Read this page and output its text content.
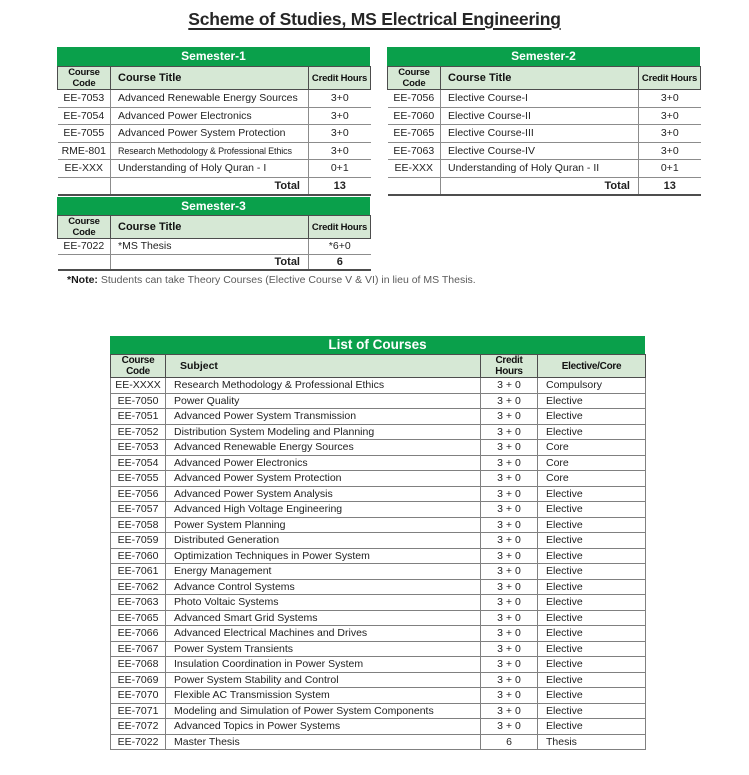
Scheme of Studies, MS Electrical Engineering
Semester-1
Course Code	Course Title	Credit Hours
EE-7053	Advanced Renewable Energy Sources	3+0
EE-7054	Advanced Power Electronics	3+0
EE-7055	Advanced Power System Protection	3+0
RME-801	Research Methodology & Professional Ethics	3+0
EE-XXX	Understanding of Holy Quran - I	0+1
	Total	13
Semester-2
Course Code	Course Title	Credit Hours
EE-7056	Elective Course-I	3+0
EE-7060	Elective Course-II	3+0
EE-7065	Elective Course-III	3+0
EE-7063	Elective Course-IV	3+0
EE-XXX	Understanding of Holy Quran - II	0+1
	Total	13
Semester-3
Course Code	Course Title	Credit Hours
EE-7022	*MS Thesis	*6+0
	Total	6

*Note: Students can take Theory Courses (Elective Course V & VI) in lieu of MS Thesis.

List of Courses
Course Code	Subject	Credit Hours	Elective/Core
EE-XXXX	Research Methodology & Professional Ethics	3 + 0	Compulsory
EE-7050	Power Quality	3 + 0	Elective
EE-7051	Advanced Power System Transmission	3 + 0	Elective
EE-7052	Distribution System Modeling and Planning	3 + 0	Elective
EE-7053	Advanced Renewable Energy Sources	3 + 0	Core
EE-7054	Advanced Power Electronics	3 + 0	Core
EE-7055	Advanced Power System Protection	3 + 0	Core
EE-7056	Advanced Power System Analysis	3 + 0	Elective
EE-7057	Advanced High Voltage Engineering	3 + 0	Elective
EE-7058	Power System Planning	3 + 0	Elective
EE-7059	Distributed Generation	3 + 0	Elective
EE-7060	Optimization Techniques in Power System	3 + 0	Elective
EE-7061	Energy Management	3 + 0	Elective
EE-7062	Advance Control Systems	3 + 0	Elective
EE-7063	Photo Voltaic Systems	3 + 0	Elective
EE-7065	Advanced Smart Grid Systems	3 + 0	Elective
EE-7066	Advanced Electrical Machines and Drives	3 + 0	Elective
EE-7067	Power System Transients	3 + 0	Elective
EE-7068	Insulation Coordination in Power System	3 + 0	Elective
EE-7069	Power System Stability and Control	3 + 0	Elective
EE-7070	Flexible AC Transmission System	3 + 0	Elective
EE-7071	Modeling and Simulation of Power System Components	3 + 0	Elective
EE-7072	Advanced Topics in Power Systems	3 + 0	Elective
EE-7022	Master Thesis	6	Thesis
